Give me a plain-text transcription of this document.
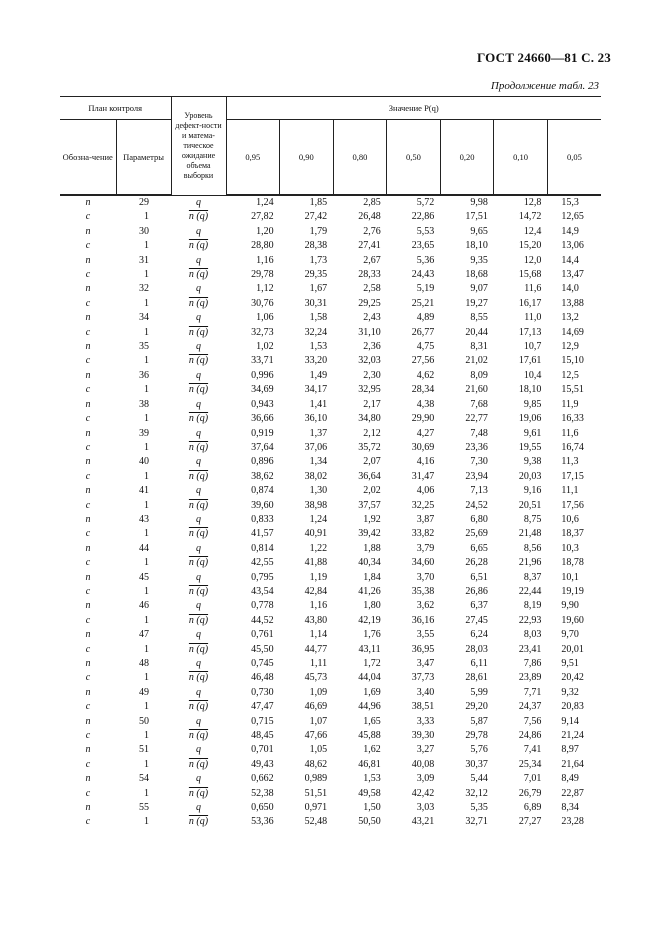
ГОСТ 24660—81 С. 23
Продолжение табл. 23
План контроля		Уровень дефект-ности и матема-тическое ожидание объема выборки	Значение P(q)						
Обозна-чение	Параметры		0,95	0,90	0,80	0,50	0,20	0,10	0,05
n	29	q	1,24	1,85	2,85	5,72	9,98	12,8	15,3
c	1	n (q)	27,82	27,42	26,48	22,86	17,51	14,72	12,65
n	30	q	1,20	1,79	2,76	5,53	9,65	12,4	14,9
c	1	n (q)	28,80	28,38	27,41	23,65	18,10	15,20	13,06
n	31	q	1,16	1,73	2,67	5,36	9,35	12,0	14,4
c	1	n (q)	29,78	29,35	28,33	24,43	18,68	15,68	13,47
n	32	q	1,12	1,67	2,58	5,19	9,07	11,6	14,0
c	1	n (q)	30,76	30,31	29,25	25,21	19,27	16,17	13,88
n	34	q	1,06	1,58	2,43	4,89	8,55	11,0	13,2
c	1	n (q)	32,73	32,24	31,10	26,77	20,44	17,13	14,69
n	35	q	1,02	1,53	2,36	4,75	8,31	10,7	12,9
c	1	n (q)	33,71	33,20	32,03	27,56	21,02	17,61	15,10
n	36	q	0,996	1,49	2,30	4,62	8,09	10,4	12,5
c	1	n (q)	34,69	34,17	32,95	28,34	21,60	18,10	15,51
n	38	q	0,943	1,41	2,17	4,38	7,68	9,85	11,9
c	1	n (q)	36,66	36,10	34,80	29,90	22,77	19,06	16,33
n	39	q	0,919	1,37	2,12	4,27	7,48	9,61	11,6
c	1	n (q)	37,64	37,06	35,72	30,69	23,36	19,55	16,74
n	40	q	0,896	1,34	2,07	4,16	7,30	9,38	11,3
c	1	n (q)	38,62	38,02	36,64	31,47	23,94	20,03	17,15
n	41	q	0,874	1,30	2,02	4,06	7,13	9,16	11,1
c	1	n (q)	39,60	38,98	37,57	32,25	24,52	20,51	17,56
n	43	q	0,833	1,24	1,92	3,87	6,80	8,75	10,6
c	1	n (q)	41,57	40,91	39,42	33,82	25,69	21,48	18,37
n	44	q	0,814	1,22	1,88	3,79	6,65	8,56	10,3
c	1	n (q)	42,55	41,88	40,34	34,60	26,28	21,96	18,78
n	45	q	0,795	1,19	1,84	3,70	6,51	8,37	10,1
c	1	n (q)	43,54	42,84	41,26	35,38	26,86	22,44	19,19
n	46	q	0,778	1,16	1,80	3,62	6,37	8,19	9,90
c	1	n (q)	44,52	43,80	42,19	36,16	27,45	22,93	19,60
n	47	q	0,761	1,14	1,76	3,55	6,24	8,03	9,70
c	1	n (q)	45,50	44,77	43,11	36,95	28,03	23,41	20,01
n	48	q	0,745	1,11	1,72	3,47	6,11	7,86	9,51
c	1	n (q)	46,48	45,73	44,04	37,73	28,61	23,89	20,42
n	49	q	0,730	1,09	1,69	3,40	5,99	7,71	9,32
c	1	n (q)	47,47	46,69	44,96	38,51	29,20	24,37	20,83
n	50	q	0,715	1,07	1,65	3,33	5,87	7,56	9,14
c	1	n (q)	48,45	47,66	45,88	39,30	29,78	24,86	21,24
n	51	q	0,701	1,05	1,62	3,27	5,76	7,41	8,97
c	1	n (q)	49,43	48,62	46,81	40,08	30,37	25,34	21,64
n	54	q	0,662	0,989	1,53	3,09	5,44	7,01	8,49
c	1	n (q)	52,38	51,51	49,58	42,42	32,12	26,79	22,87
n	55	q	0,650	0,971	1,50	3,03	5,35	6,89	8,34
c	1	n (q)	53,36	52,48	50,50	43,21	32,71	27,27	23,28
